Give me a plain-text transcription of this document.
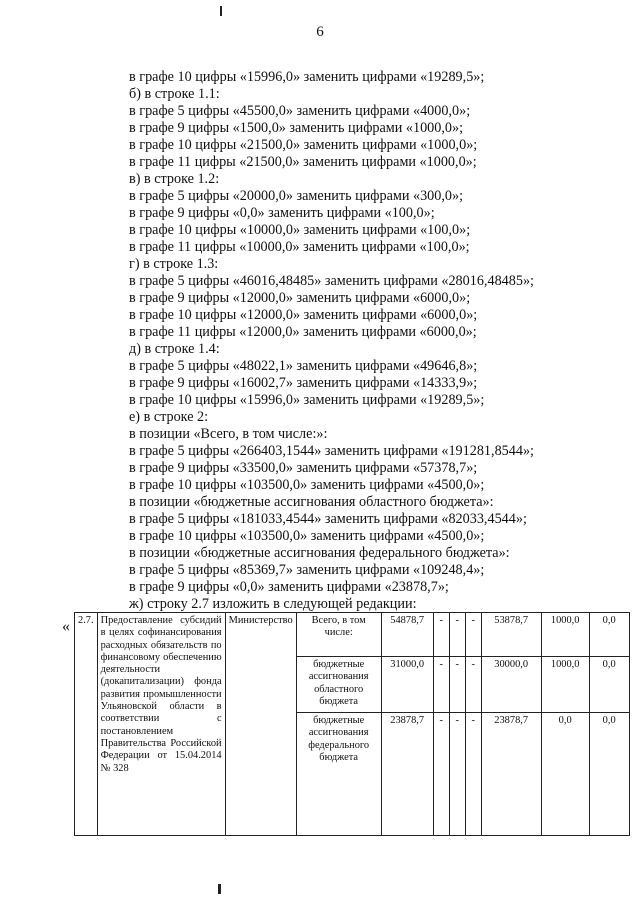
6
в графе 10 цифры «15996,0» заменить цифрами «19289,5»;
б) в строке 1.1:
в графе 5 цифры «45500,0» заменить цифрами «4000,0»;
в графе 9 цифры «1500,0» заменить цифрами «1000,0»;
в графе 10 цифры «21500,0» заменить цифрами «1000,0»;
в графе 11 цифры «21500,0» заменить цифрами «1000,0»;
в) в строке 1.2:
в графе 5 цифры «20000,0» заменить цифрами «300,0»;
в графе 9 цифры «0,0» заменить цифрами «100,0»;
в графе 10 цифры «10000,0» заменить цифрами «100,0»;
в графе 11 цифры «10000,0» заменить цифрами «100,0»;
г) в строке 1.3:
в графе 5 цифры «46016,48485» заменить цифрами «28016,48485»;
в графе 9 цифры «12000,0» заменить цифрами «6000,0»;
в графе 10 цифры «12000,0» заменить цифрами «6000,0»;
в графе 11 цифры «12000,0» заменить цифрами «6000,0»;
д) в строке 1.4:
в графе 5 цифры «48022,1» заменить цифрами «49646,8»;
в графе 9 цифры «16002,7» заменить цифрами «14333,9»;
в графе 10 цифры «15996,0» заменить цифрами «19289,5»;
е) в строке 2:
в позиции «Всего, в том числе:»:
в графе 5 цифры «266403,1544» заменить цифрами «191281,8544»;
в графе 9 цифры «33500,0» заменить цифрами «57378,7»;
в графе 10 цифры «103500,0» заменить цифрами «4500,0»;
в позиции «бюджетные ассигнования областного бюджета»:
в графе 5 цифры «181033,4544» заменить цифрами «82033,4544»;
в графе 10 цифры «103500,0» заменить цифрами «4500,0»;
в позиции «бюджетные ассигнования федерального бюджета»:
в графе 5 цифры «85369,7» заменить цифрами «109248,4»;
в графе 9 цифры «0,0» заменить цифрами «23878,7»;
ж) строку 2.7 изложить в следующей редакции:
« 2.7.	Предоставление субсидий в целях софинансирования расходных обязательств по финансовому обеспечению деятельности (докапитализации) фонда развития промышленности Ульяновской области в соответствии с постановлением Правительства Российской Федерации от 15.04.2014 № 328	Министерство	Всего, в том числе:	54878,7	-	-	-	53878,7	1000,0	0,0
			бюджетные ассигнования областного бюджета	31000,0	-	-	-	30000,0	1000,0	0,0
			бюджетные ассигнования федерального бюджета	23878,7	-	-	-	23878,7	0,0	0,0
